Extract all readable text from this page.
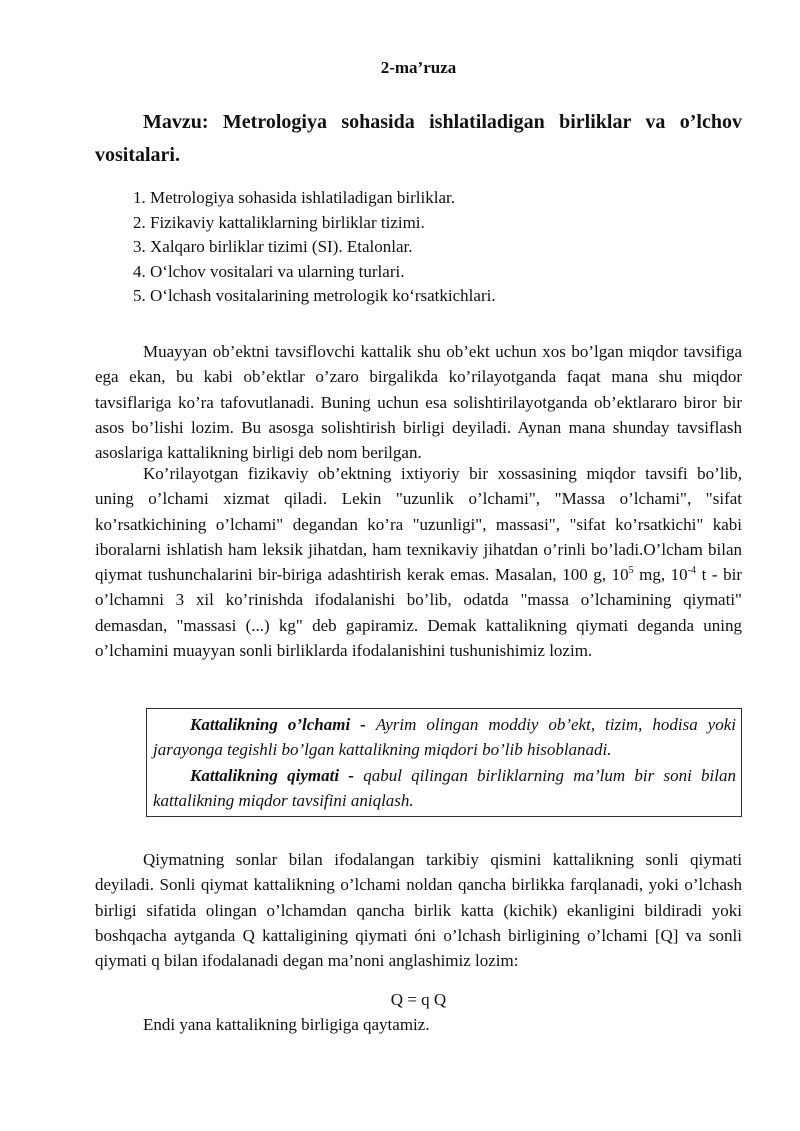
2-ma’ruza
Mavzu: Metrologiya sohasida ishlatiladigan birliklar va o’lchov vositalari.
1. Metrologiya sohasida ishlatiladigan birliklar.
2. Fizikaviy kattaliklarning birliklar tizimi.
3. Xalqaro birliklar tizimi (SI). Etalonlar.
4. O‘lchov vositalari va ularning turlari.
5. O‘lchash vositalarining metrologik ko‘rsatkichlari.

Muayyan ob’ektni tavsiflovchi kattalik shu ob’ekt uchun xos bo’lgan miqdor tavsifiga ega ekan, bu kabi ob’ektlar o’zaro birgalikda ko’rilayotganda faqat mana shu miqdor tavsiflariga ko’ra tafovutlanadi. Buning uchun esa solishtirilayotganda ob’ektlararo biror bir asos bo’lishi lozim. Bu asosga solishtirish birligi deyiladi. Aynan mana shunday tavsiflash asoslariga kattalikning birligi deb nom berilgan.

Ko’rilayotgan fizikaviy ob’ektning ixtiyoriy bir xossasining miqdor tavsifi bo’lib, uning o’lchami xizmat qiladi. Lekin "uzunlik o’lchami", "Massa o’lchami", "sifat ko’rsatkichining o’lchami" degandan ko’ra "uzunligi", massasi", "sifat ko’rsatkichi" kabi iboralarni ishlatish ham leksik jihatdan, ham texnikaviy jihatdan o’rinli bo’ladi.O’lcham bilan qiymat tushunchalarini bir-biriga adashtirish kerak emas. Masalan, 100 g, $10^5$ mg, $10^{-4}$ t - bir o’lchamni 3 xil ko’rinishda ifodalanishi bo’lib, odatda "massa o’lchamining qiymati" demasdan, "massasi (...) kg" deb gapiramiz. Demak kattalikning qiymati deganda uning o’lchamini muayyan sonli birliklarda ifodalanishini tushunishimiz lozim.

Kattalikning o’lchami - Ayrim olingan moddiy ob’ekt, tizim, hodisa yoki jarayonga tegishli bo’lgan kattalikning miqdori bo’lib hisoblanadi.

Kattalikning qiymati - qabul qilingan birliklarning ma’lum bir soni bilan kattalikning miqdor tavsifini aniqlash.

Qiymatning sonlar bilan ifodalangan tarkibiy qismini kattalikning sonli qiymati deyiladi. Sonli qiymat kattalikning o’lchami noldan qancha birlikka farqlanadi, yoki o’lchash birligi sifatida olingan o’lchamdan qancha birlik katta (kichik) ekanligini bildiradi yoki boshqacha aytganda Q kattaligining qiymati óni o’lchash birligining o’lchami [Q] va sonli qiymati q bilan ifodalanadi degan ma’noni anglashimiz lozim:

Q = q Q

Endi yana kattalikning birligiga qaytamiz.
